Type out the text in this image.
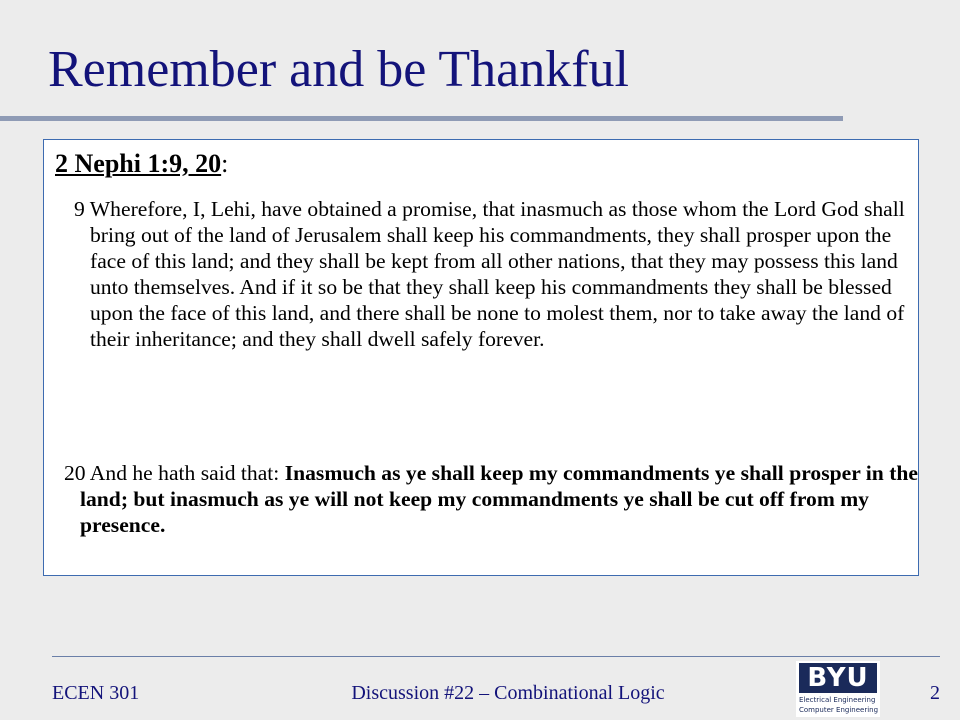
Remember and be Thankful
2 Nephi 1:9, 20:
9 Wherefore, I, Lehi, have obtained a promise, that inasmuch as those whom the Lord God shall bring out of the land of Jerusalem shall keep his commandments, they shall prosper upon the face of this land; and they shall be kept from all other nations, that they may possess this land unto themselves. And if it so be that they shall keep his commandments they shall be blessed upon the face of this land, and there shall be none to molest them, nor to take away the land of their inheritance; and they shall dwell safely forever.
20 And he hath said that: Inasmuch as ye shall keep my commandments ye shall prosper in the land; but inasmuch as ye will not keep my commandments ye shall be cut off from my presence.
ECEN 301	Discussion #22 – Combinational Logic	BYU
Electrical Engineering
Computer Engineering
2
